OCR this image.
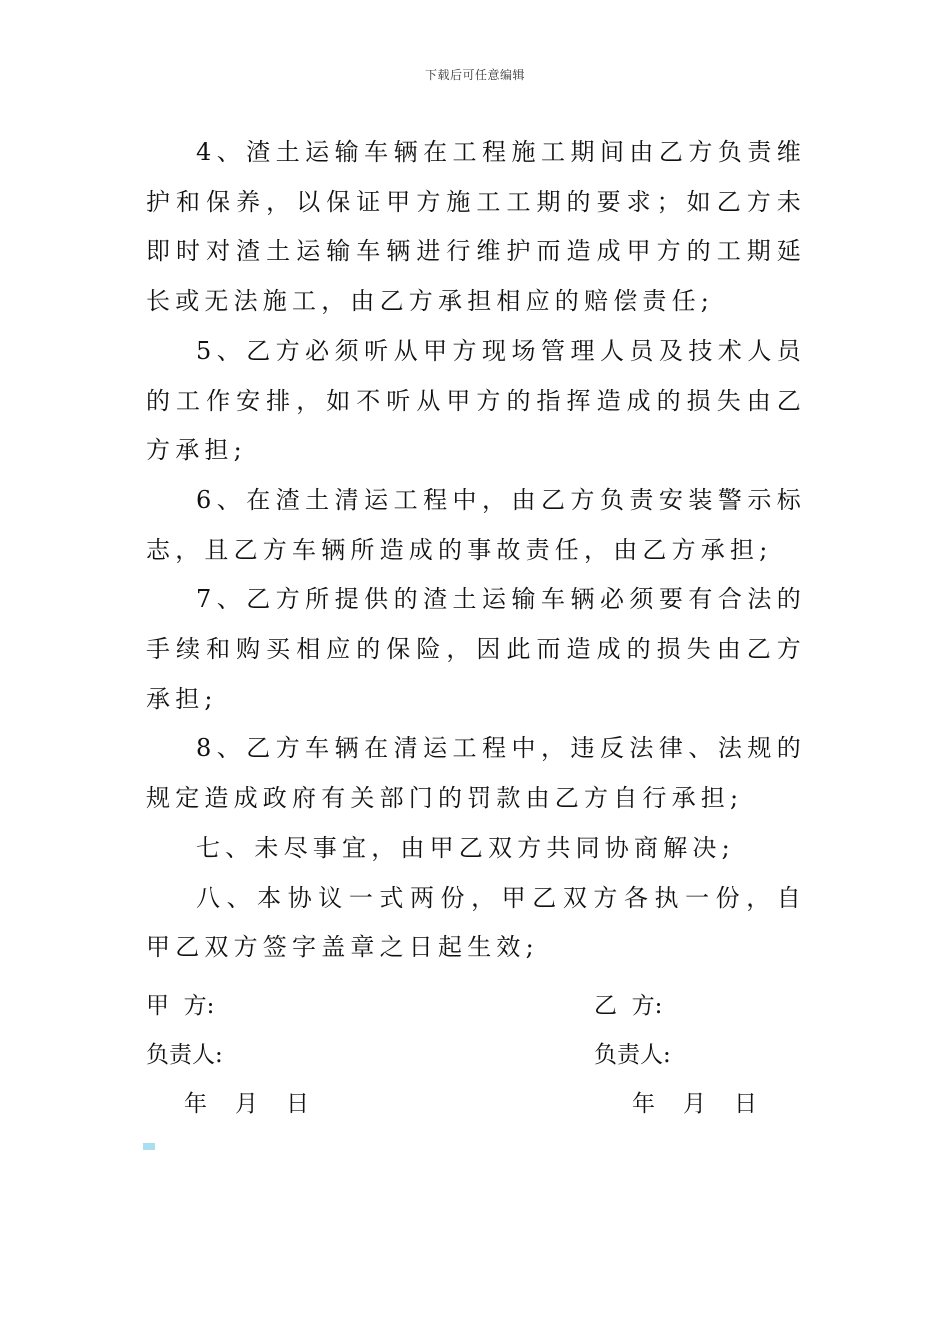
下载后可任意编辑

4、渣土运输车辆在工程施工期间由乙方负责维护和保养，以保证甲方施工工期的要求；如乙方未即时对渣土运输车辆进行维护而造成甲方的工期延长或无法施工，由乙方承担相应的赔偿责任;

5、乙方必须听从甲方现场管理人员及技术人员的工作安排，如不听从甲方的指挥造成的损失由乙方承担;

6、在渣土清运工程中，由乙方负责安装警示标志，且乙方车辆所造成的事故责任，由乙方承担;

7、乙方所提供的渣土运输车辆必须要有合法的手续和购买相应的保险，因此而造成的损失由乙方承担;

8、乙方车辆在清运工程中，违反法律、法规的规定造成政府有关部门的罚款由乙方自行承担;

七、未尽事宜，由甲乙双方共同协商解决;

八、本协议一式两份，甲乙双方各执一份，自甲乙双方签字盖章之日起生效;

甲  方:
负责人:
年 月 日
乙  方:
负责人:
年 月 日
